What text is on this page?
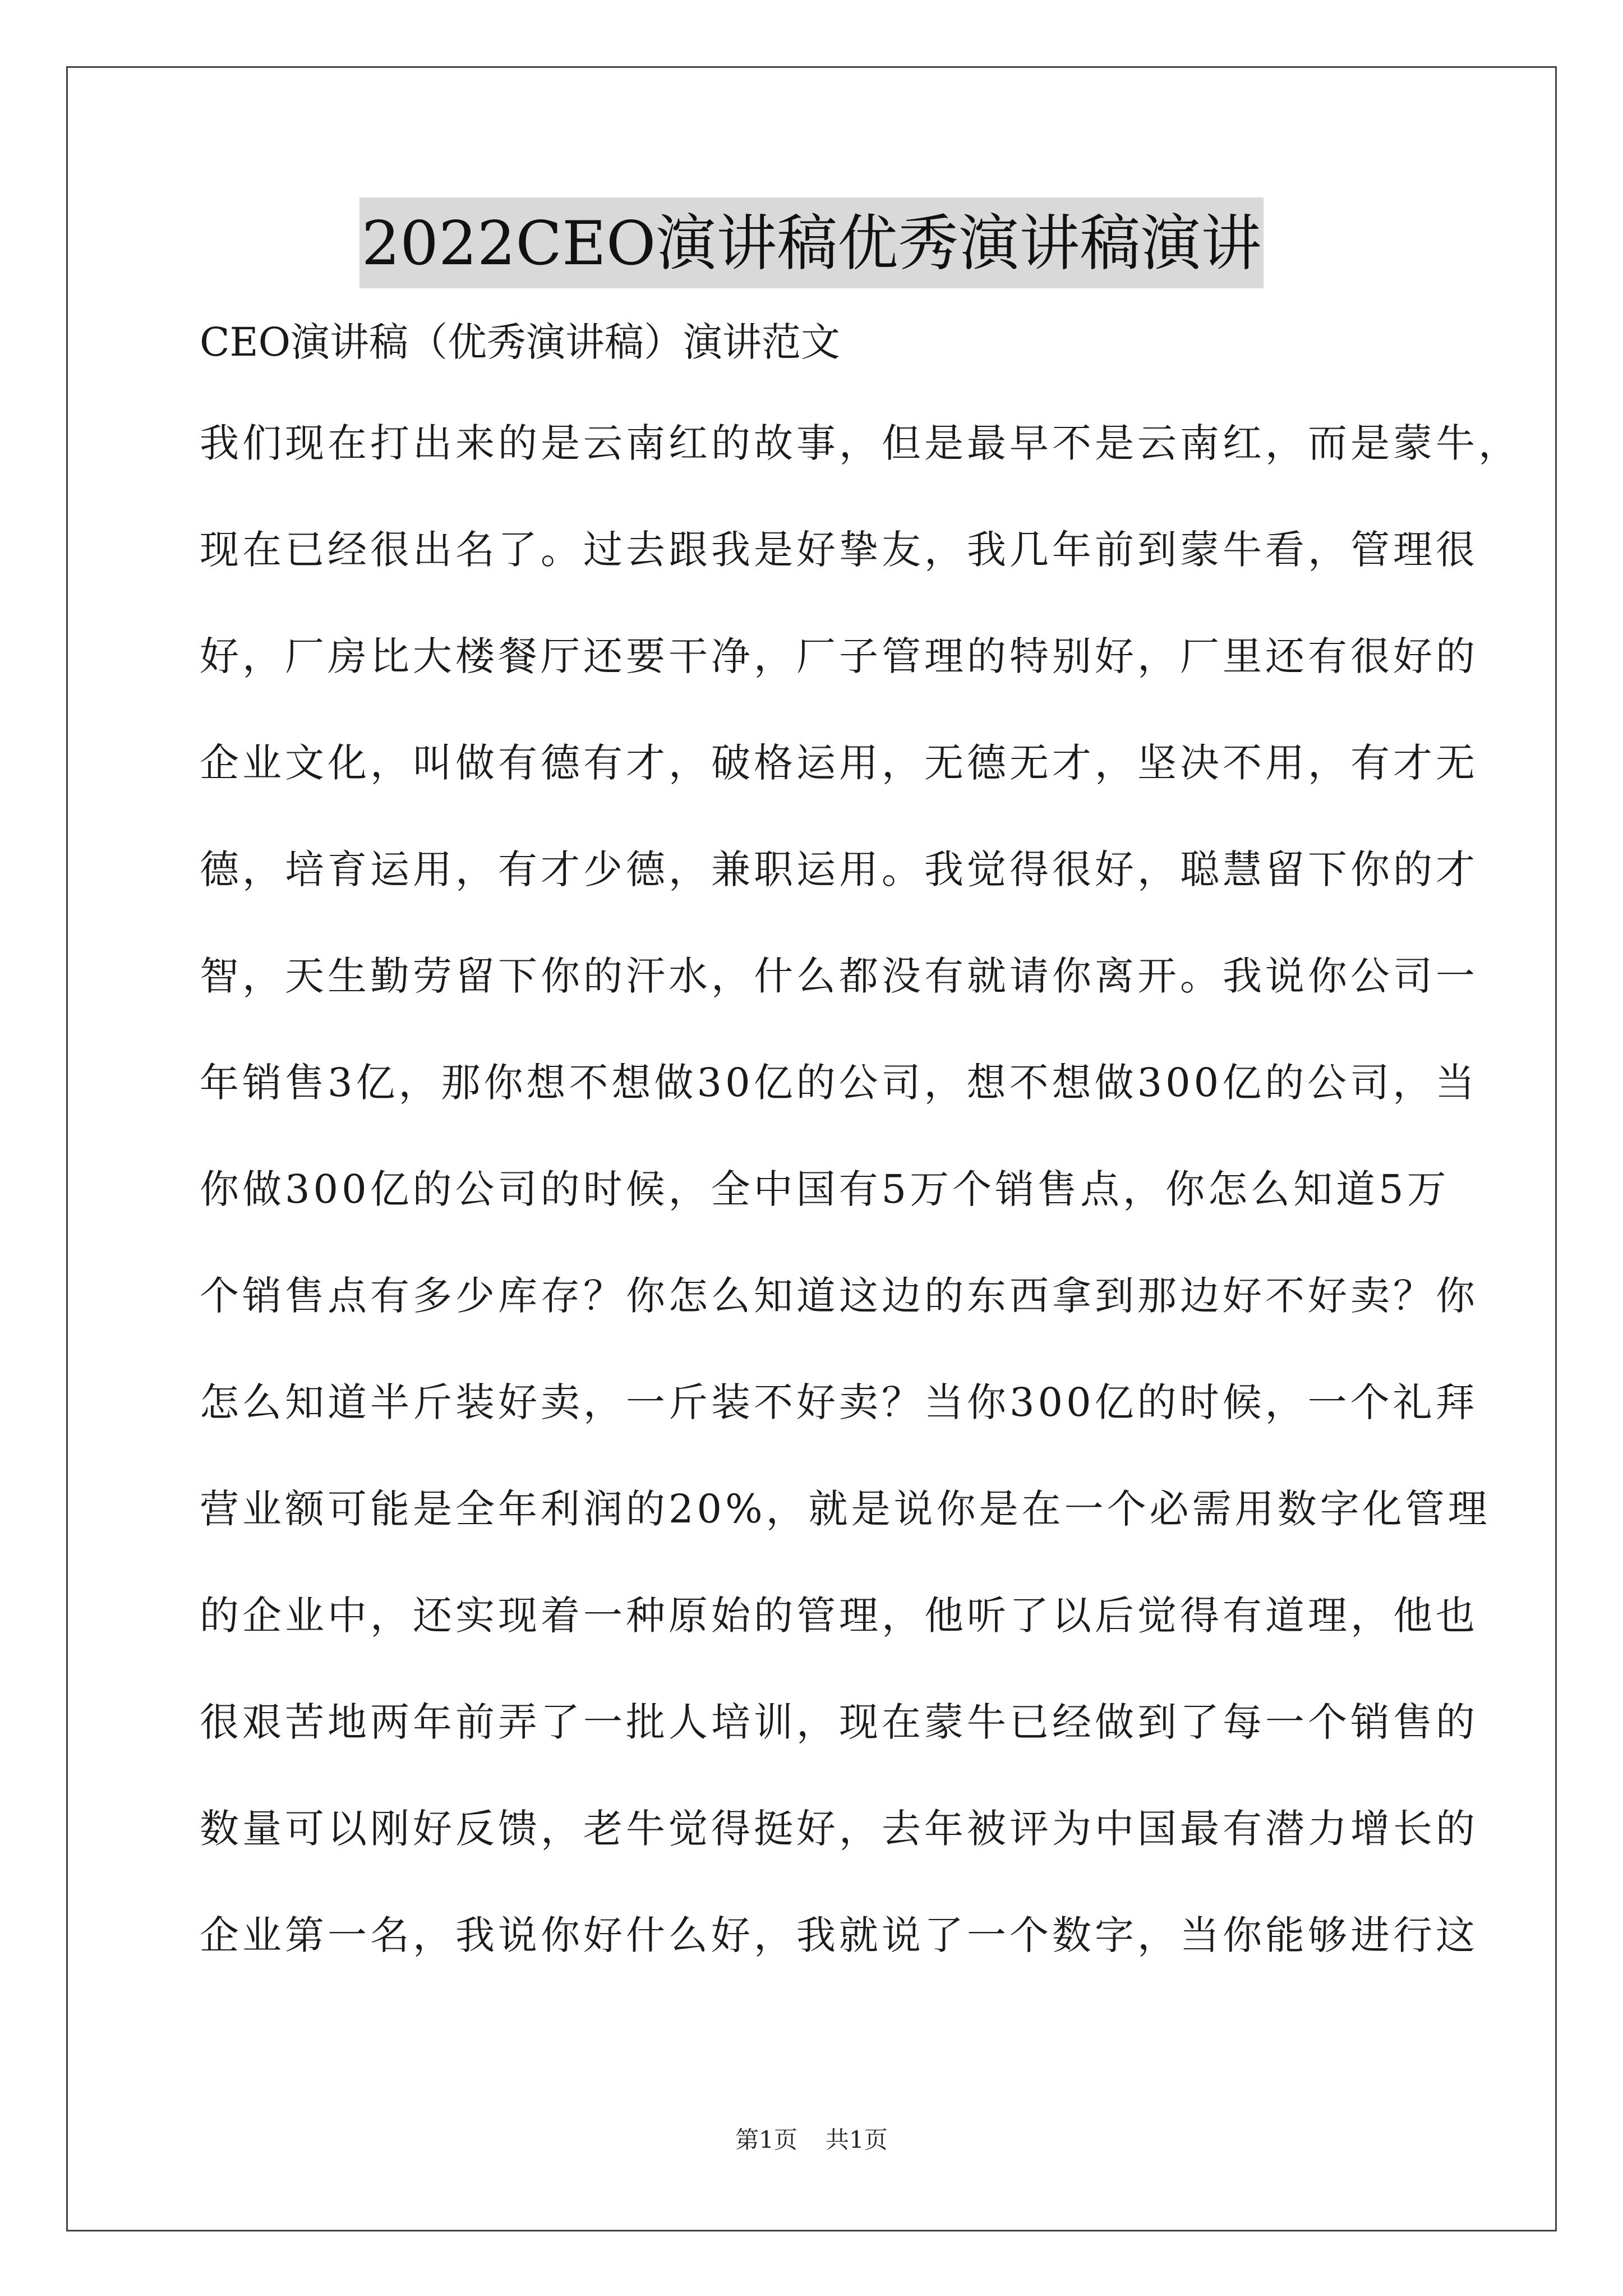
2022CEO演讲稿优秀演讲稿演讲
CEO演讲稿（优秀演讲稿）演讲范文
我们现在打出来的是云南红的故事，但是最早不是云南红，而是蒙牛，
现在已经很出名了。过去跟我是好挚友，我几年前到蒙牛看，管理很
好，厂房比大楼餐厅还要干净，厂子管理的特别好，厂里还有很好的
企业文化，叫做有德有才，破格运用，无德无才，坚决不用，有才无
德，培育运用，有才少德，兼职运用。我觉得很好，聪慧留下你的才
智，天生勤劳留下你的汗水，什么都没有就请你离开。我说你公司一
年销售3亿，那你想不想做30亿的公司，想不想做300亿的公司，当
你做300亿的公司的时候，全中国有5万个销售点，你怎么知道5万
个销售点有多少库存？你怎么知道这边的东西拿到那边好不好卖？你
怎么知道半斤装好卖，一斤装不好卖？当你300亿的时候，一个礼拜
营业额可能是全年利润的20%，就是说你是在一个必需用数字化管理
的企业中，还实现着一种原始的管理，他听了以后觉得有道理，他也
很艰苦地两年前弄了一批人培训，现在蒙牛已经做到了每一个销售的
数量可以刚好反馈，老牛觉得挺好，去年被评为中国最有潜力增长的
企业第一名，我说你好什么好，我就说了一个数字，当你能够进行这
第1页 共1页
